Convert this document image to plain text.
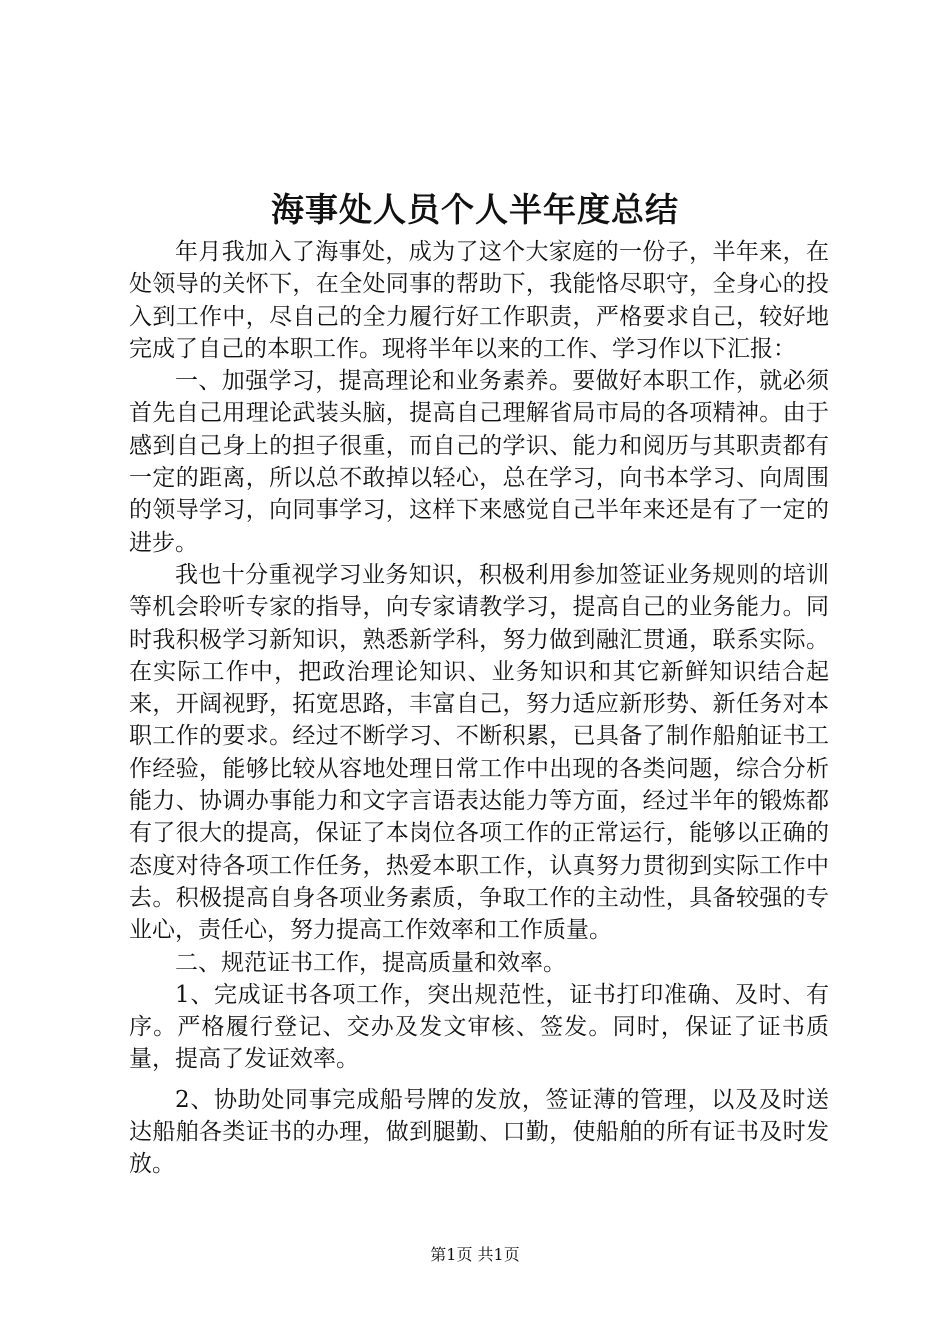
海事处人员个人半年度总结

年月我加入了海事处，成为了这个大家庭的一份子，半年来，在处领导的关怀下，在全处同事的帮助下，我能恪尽职守，全身心的投入到工作中，尽自己的全力履行好工作职责，严格要求自己，较好地完成了自己的本职工作。现将半年以来的工作、学习作以下汇报：

一、加强学习，提高理论和业务素养。要做好本职工作，就必须首先自己用理论武装头脑，提高自己理解省局市局的各项精神。由于感到自己身上的担子很重，而自己的学识、能力和阅历与其职责都有一定的距离，所以总不敢掉以轻心，总在学习，向书本学习、向周围的领导学习，向同事学习，这样下来感觉自己半年来还是有了一定的进步。

我也十分重视学习业务知识，积极利用参加签证业务规则的培训等机会聆听专家的指导，向专家请教学习，提高自己的业务能力。同时我积极学习新知识，熟悉新学科，努力做到融汇贯通，联系实际。在实际工作中，把政治理论知识、业务知识和其它新鲜知识结合起来，开阔视野，拓宽思路，丰富自己，努力适应新形势、新任务对本职工作的要求。经过不断学习、不断积累，已具备了制作船舶证书工作经验，能够比较从容地处理日常工作中出现的各类问题，综合分析能力、协调办事能力和文字言语表达能力等方面，经过半年的锻炼都有了很大的提高，保证了本岗位各项工作的正常运行，能够以正确的态度对待各项工作任务，热爱本职工作，认真努力贯彻到实际工作中去。积极提高自身各项业务素质，争取工作的主动性，具备较强的专业心，责任心，努力提高工作效率和工作质量。

二、规范证书工作，提高质量和效率。

1、完成证书各项工作，突出规范性，证书打印准确、及时、有序。严格履行登记、交办及发文审核、签发。同时，保证了证书质量，提高了发证效率。

2、协助处同事完成船号牌的发放，签证薄的管理，以及及时送达船舶各类证书的办理，做到腿勤、口勤，使船舶的所有证书及时发放。

第1页 共1页
